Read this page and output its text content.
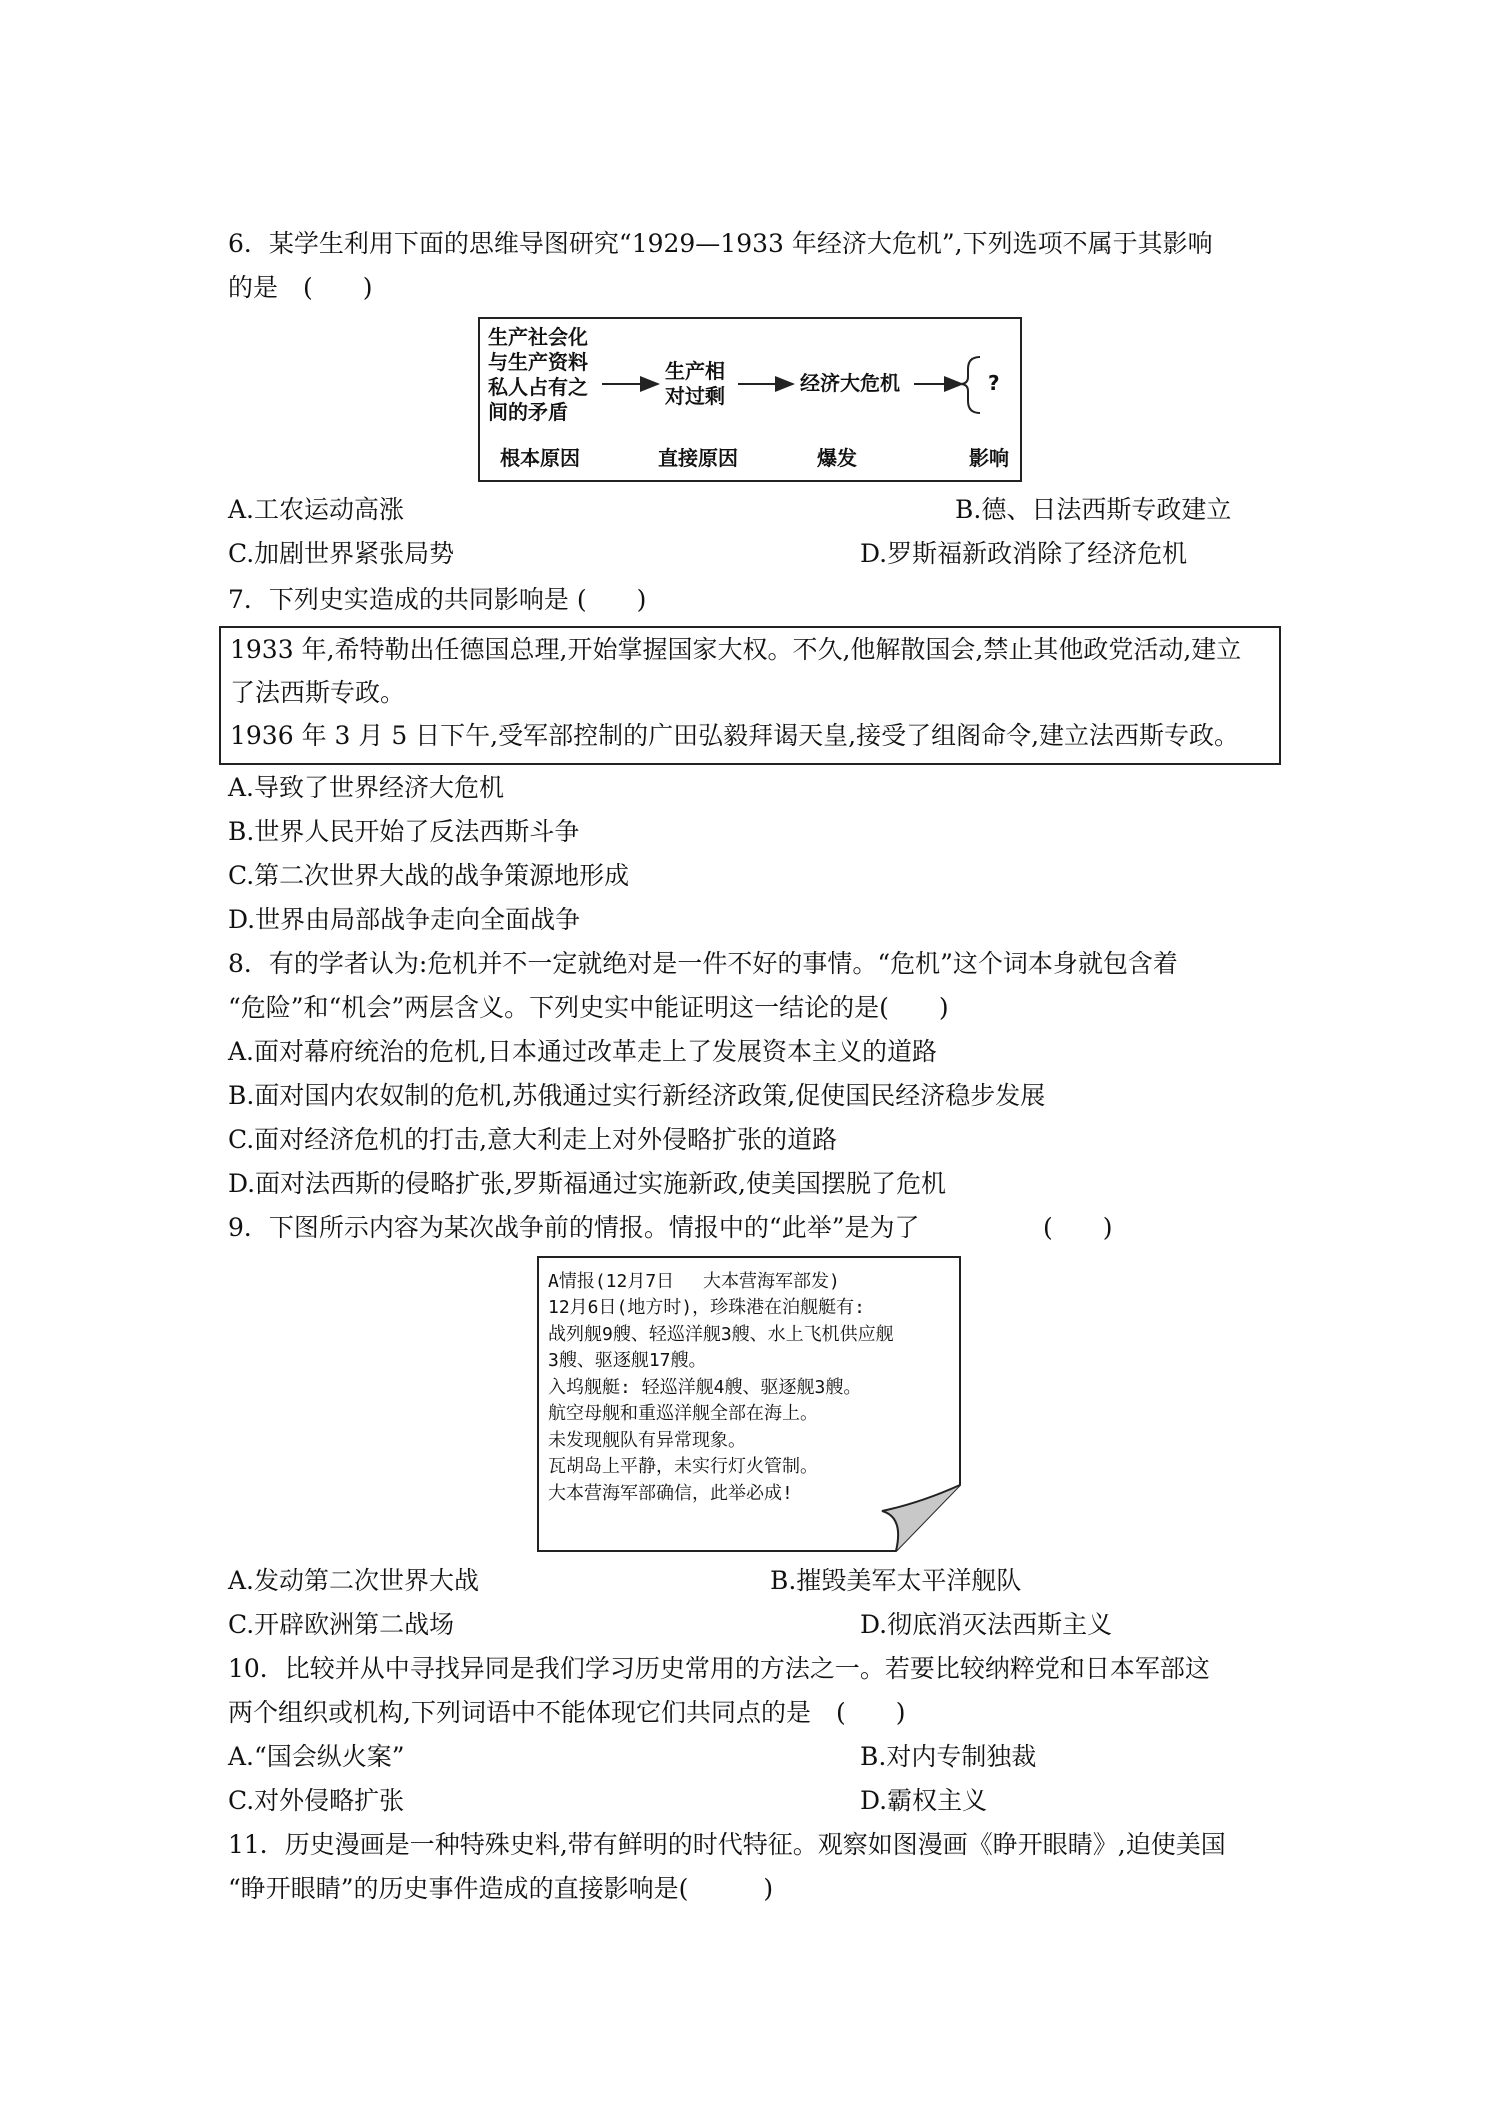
6．某学生利用下面的思维导图研究“1929—1933 年经济大危机”,下列选项不属于其影响
的是　(　　)
生产社会化
与生产资料
私人占有之
间的矛盾
生产相
对过剩
经济大危机	?
根本原因	直接原因	爆发	影响
A.工农运动高涨	B.德、日法西斯专政建立
C.加剧世界紧张局势	D.罗斯福新政消除了经济危机
7．下列史实造成的共同影响是 (　　)
1933 年,希特勒出任德国总理,开始掌握国家大权。不久,他解散国会,禁止其他政党活动,建立
了法西斯专政。
1936 年 3 月 5 日下午,受军部控制的广田弘毅拜谒天皇,接受了组阁命令,建立法西斯专政。
A.导致了世界经济大危机
B.世界人民开始了反法西斯斗争
C.第二次世界大战的战争策源地形成
D.世界由局部战争走向全面战争
8．有的学者认为:危机并不一定就绝对是一件不好的事情。“危机”这个词本身就包含着
“危险”和“机会”两层含义。下列史实中能证明这一结论的是(　　)
A.面对幕府统治的危机,日本通过改革走上了发展资本主义的道路
B.面对国内农奴制的危机,苏俄通过实行新经济政策,促使国民经济稳步发展
C.面对经济危机的打击,意大利走上对外侵略扩张的道路
D.面对法西斯的侵略扩张,罗斯福通过实施新政,使美国摆脱了危机
9．下图所示内容为某次战争前的情报。情报中的“此举”是为了	(　　)
A情报(12月7日　 大本营海军部发)
12月6日(地方时)，珍珠港在泊舰艇有:
战列舰9艘、轻巡洋舰3艘、水上飞机供应舰
3艘、驱逐舰17艘。
入坞舰艇: 轻巡洋舰4艘、驱逐舰3艘。
航空母舰和重巡洋舰全部在海上。
未发现舰队有异常现象。
瓦胡岛上平静，未实行灯火管制。
大本营海军部确信，此举必成!
A.发动第二次世界大战	B.摧毁美军太平洋舰队
C.开辟欧洲第二战场	D.彻底消灭法西斯主义
10．比较并从中寻找异同是我们学习历史常用的方法之一。若要比较纳粹党和日本军部这
两个组织或机构,下列词语中不能体现它们共同点的是　(　　)
A.“国会纵火案”	B.对内专制独裁
C.对外侵略扩张	D.霸权主义
11．历史漫画是一种特殊史料,带有鲜明的时代特征。观察如图漫画《睁开眼睛》,迫使美国
“睁开眼睛”的历史事件造成的直接影响是(　　　)
